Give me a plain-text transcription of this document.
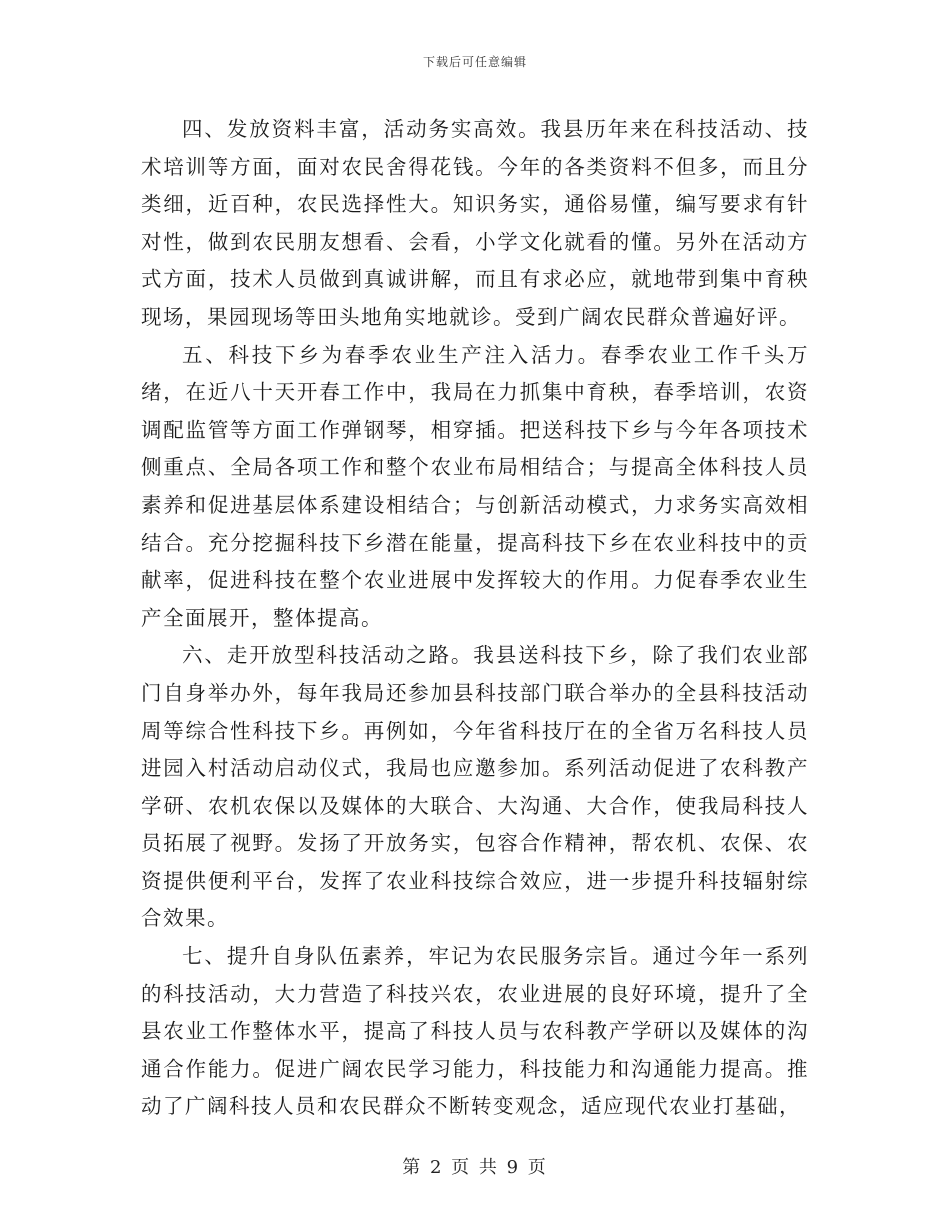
下载后可任意编辑

四、发放资料丰富，活动务实高效。我县历年来在科技活动、技术培训等方面，面对农民舍得花钱。今年的各类资料不但多，而且分类细，近百种，农民选择性大。知识务实，通俗易懂，编写要求有针对性，做到农民朋友想看、会看，小学文化就看的懂。另外在活动方式方面，技术人员做到真诚讲解，而且有求必应，就地带到集中育秧现场，果园现场等田头地角实地就诊。受到广阔农民群众普遍好评。

五、科技下乡为春季农业生产注入活力。春季农业工作千头万绪，在近八十天开春工作中，我局在力抓集中育秧，春季培训，农资调配监管等方面工作弹钢琴，相穿插。把送科技下乡与今年各项技术侧重点、全局各项工作和整个农业布局相结合；与提高全体科技人员素养和促进基层体系建设相结合；与创新活动模式，力求务实高效相结合。充分挖掘科技下乡潜在能量，提高科技下乡在农业科技中的贡献率，促进科技在整个农业进展中发挥较大的作用。力促春季农业生产全面展开，整体提高。

六、走开放型科技活动之路。我县送科技下乡，除了我们农业部门自身举办外，每年我局还参加县科技部门联合举办的全县科技活动周等综合性科技下乡。再例如，今年省科技厅在的全省万名科技人员进园入村活动启动仪式，我局也应邀参加。系列活动促进了农科教产学研、农机农保以及媒体的大联合、大沟通、大合作，使我局科技人员拓展了视野。发扬了开放务实，包容合作精神，帮农机、农保、农资提供便利平台，发挥了农业科技综合效应，进一步提升科技辐射综合效果。

七、提升自身队伍素养，牢记为农民服务宗旨。通过今年一系列的科技活动，大力营造了科技兴农，农业进展的良好环境，提升了全县农业工作整体水平，提高了科技人员与农科教产学研以及媒体的沟通合作能力。促进广阔农民学习能力，科技能力和沟通能力提高。推动了广阔科技人员和农民群众不断转变观念，适应现代农业打基础，

第 2 页 共 9 页
